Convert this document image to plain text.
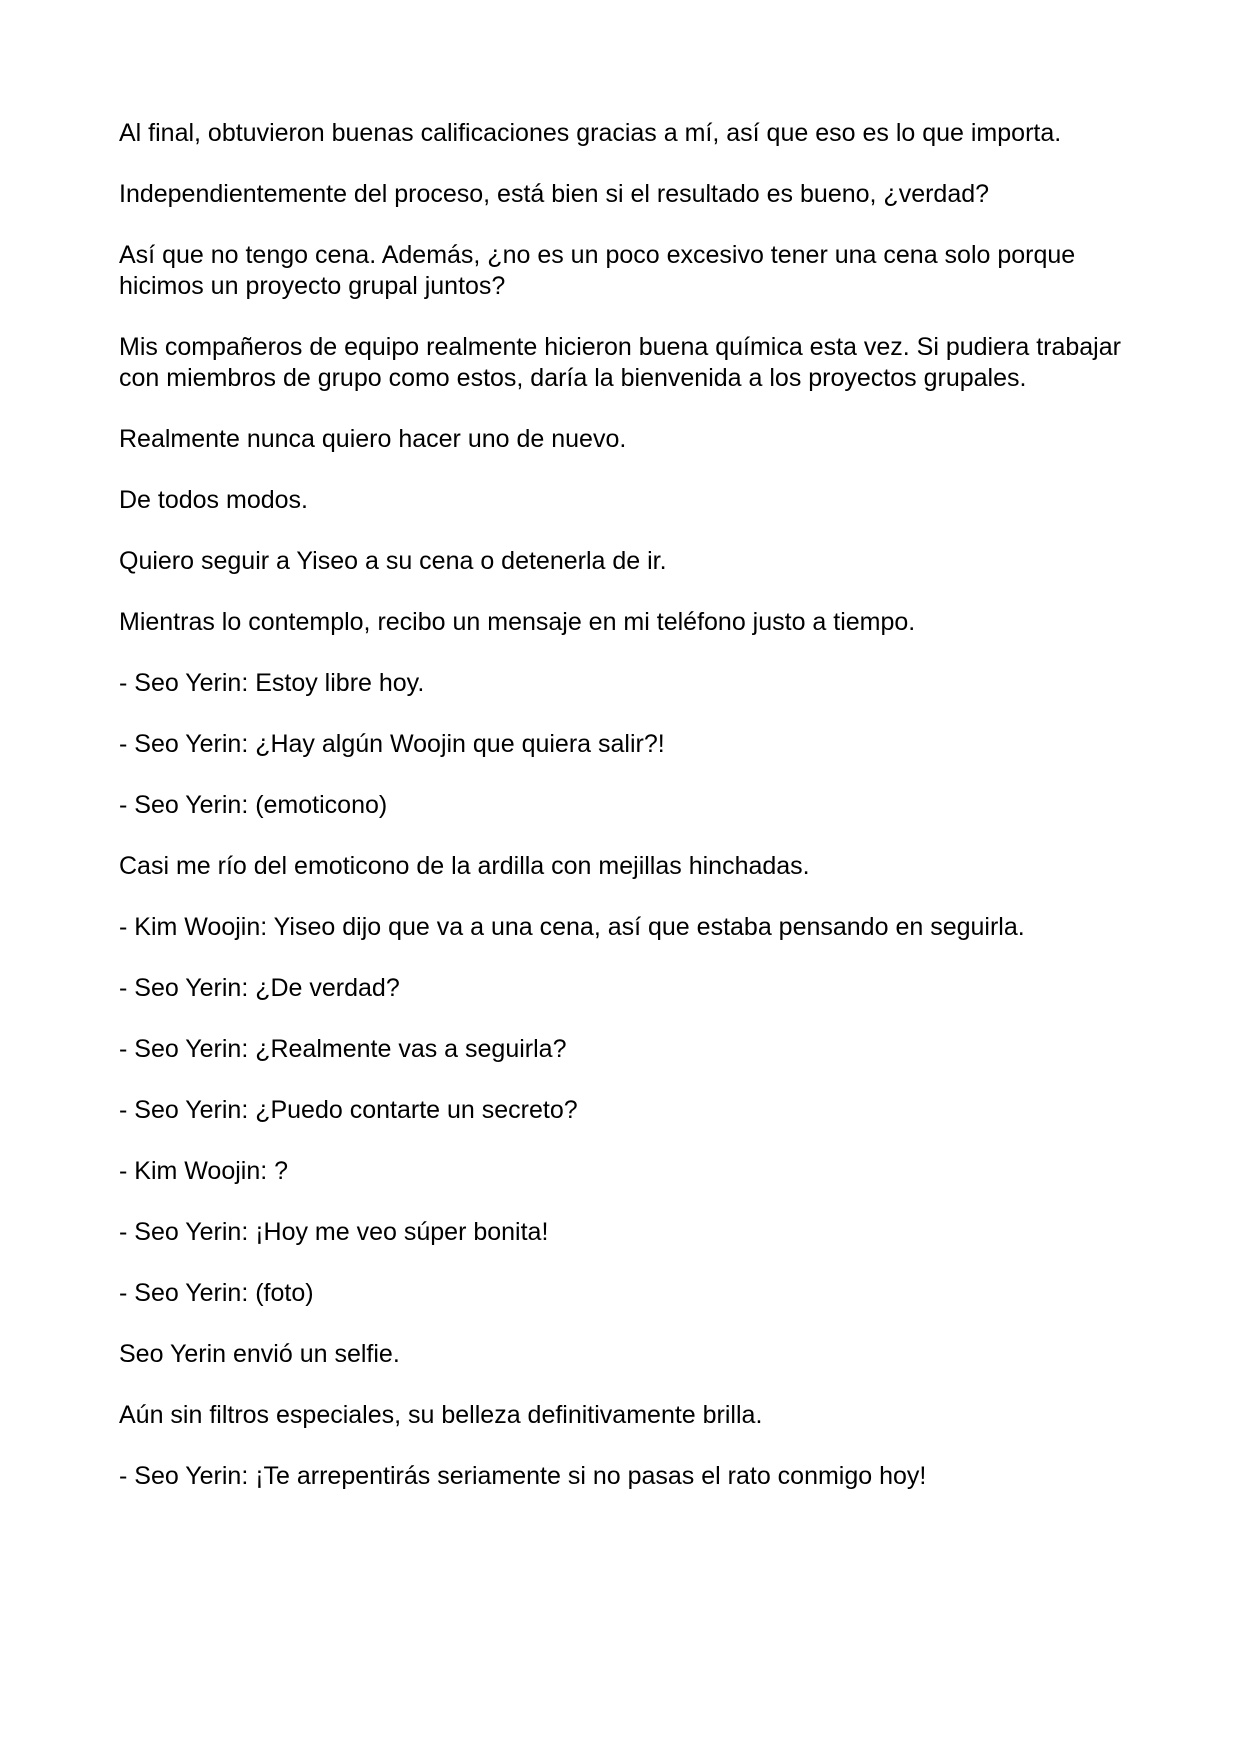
Al final, obtuvieron buenas calificaciones gracias a mí, así que eso es lo que importa.

Independientemente del proceso, está bien si el resultado es bueno, ¿verdad?

Así que no tengo cena. Además, ¿no es un poco excesivo tener una cena solo porque hicimos un proyecto grupal juntos?

Mis compañeros de equipo realmente hicieron buena química esta vez. Si pudiera trabajar con miembros de grupo como estos, daría la bienvenida a los proyectos grupales.

Realmente nunca quiero hacer uno de nuevo.

De todos modos.

Quiero seguir a Yiseo a su cena o detenerla de ir.

Mientras lo contemplo, recibo un mensaje en mi teléfono justo a tiempo.

- Seo Yerin: Estoy libre hoy.

- Seo Yerin: ¿Hay algún Woojin que quiera salir?!

- Seo Yerin: (emoticono)

Casi me río del emoticono de la ardilla con mejillas hinchadas.

- Kim Woojin: Yiseo dijo que va a una cena, así que estaba pensando en seguirla.

- Seo Yerin: ¿De verdad?

- Seo Yerin: ¿Realmente vas a seguirla?

- Seo Yerin: ¿Puedo contarte un secreto?

- Kim Woojin: ?

- Seo Yerin: ¡Hoy me veo súper bonita!

- Seo Yerin: (foto)

Seo Yerin envió un selfie.

Aún sin filtros especiales, su belleza definitivamente brilla.

- Seo Yerin: ¡Te arrepentirás seriamente si no pasas el rato conmigo hoy!
